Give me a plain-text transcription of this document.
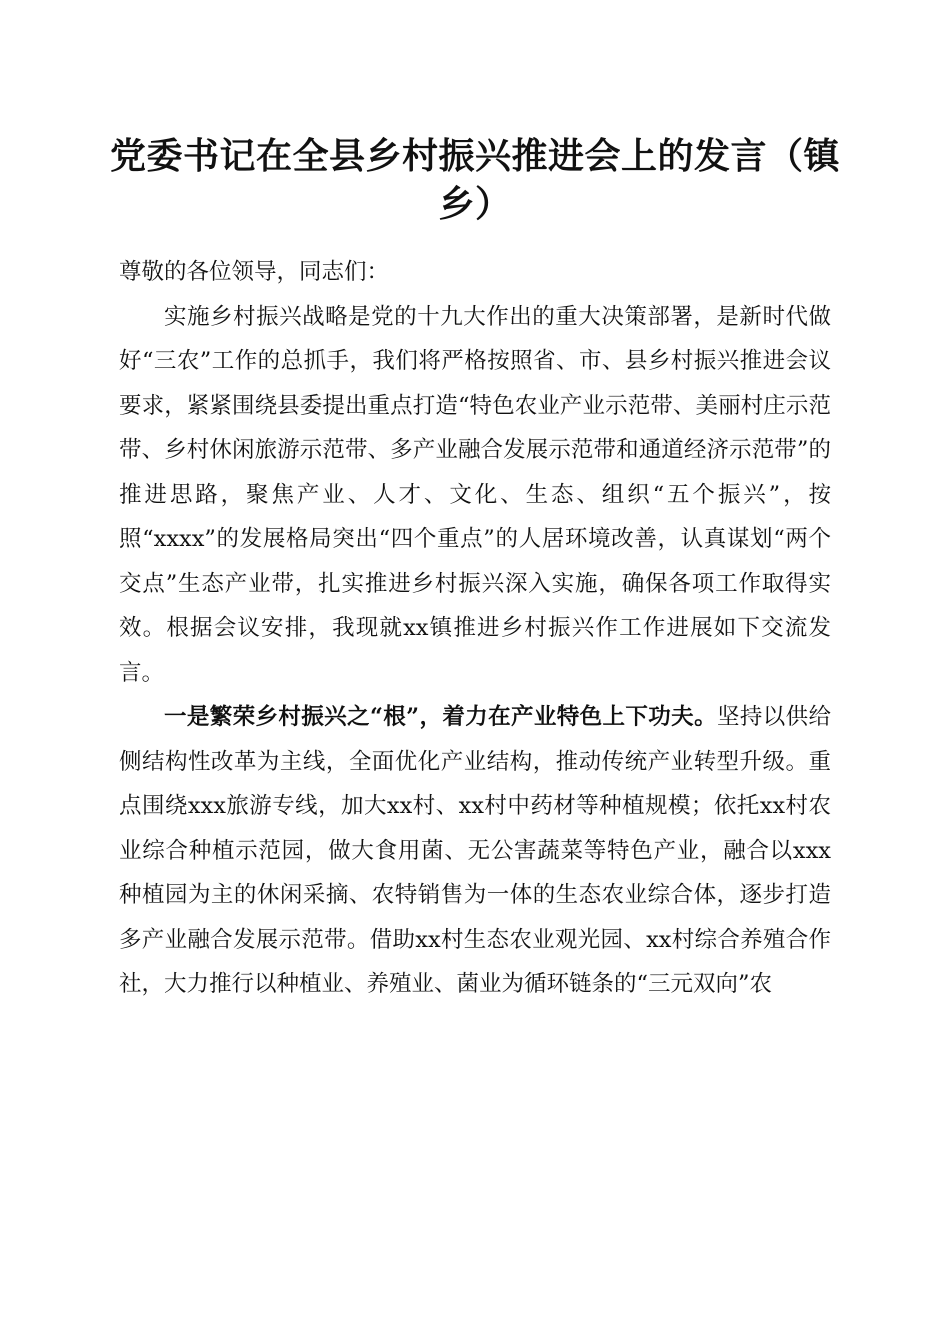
党委书记在全县乡村振兴推进会上的发言（镇乡）

尊敬的各位领导，同志们：

实施乡村振兴战略是党的十九大作出的重大决策部署，是新时代做好“三农”工作的总抓手，我们将严格按照省、市、县乡村振兴推进会议要求，紧紧围绕县委提出重点打造“特色农业产业示范带、美丽村庄示范带、乡村休闲旅游示范带、多产业融合发展示范带和通道经济示范带”的推进思路，聚焦产业、人才、文化、生态、组织“五个振兴”，按照“xxxx”的发展格局突出“四个重点”的人居环境改善，认真谋划“两个交点”生态产业带，扎实推进乡村振兴深入实施，确保各项工作取得实效。根据会议安排，我现就xx镇推进乡村振兴作工作进展如下交流发言。

一是繁荣乡村振兴之“根”，着力在产业特色上下功夫。坚持以供给侧结构性改革为主线，全面优化产业结构，推动传统产业转型升级。重点围绕xxx旅游专线，加大xx村、xx村中药材等种植规模；依托xx村农业综合种植示范园，做大食用菌、无公害蔬菜等特色产业，融合以xxx种植园为主的休闲采摘、农特销售为一体的生态农业综合体，逐步打造多产业融合发展示范带。借助xx村生态农业观光园、xx村综合养殖合作社，大力推行以种植业、养殖业、菌业为循环链条的“三元双向”农
